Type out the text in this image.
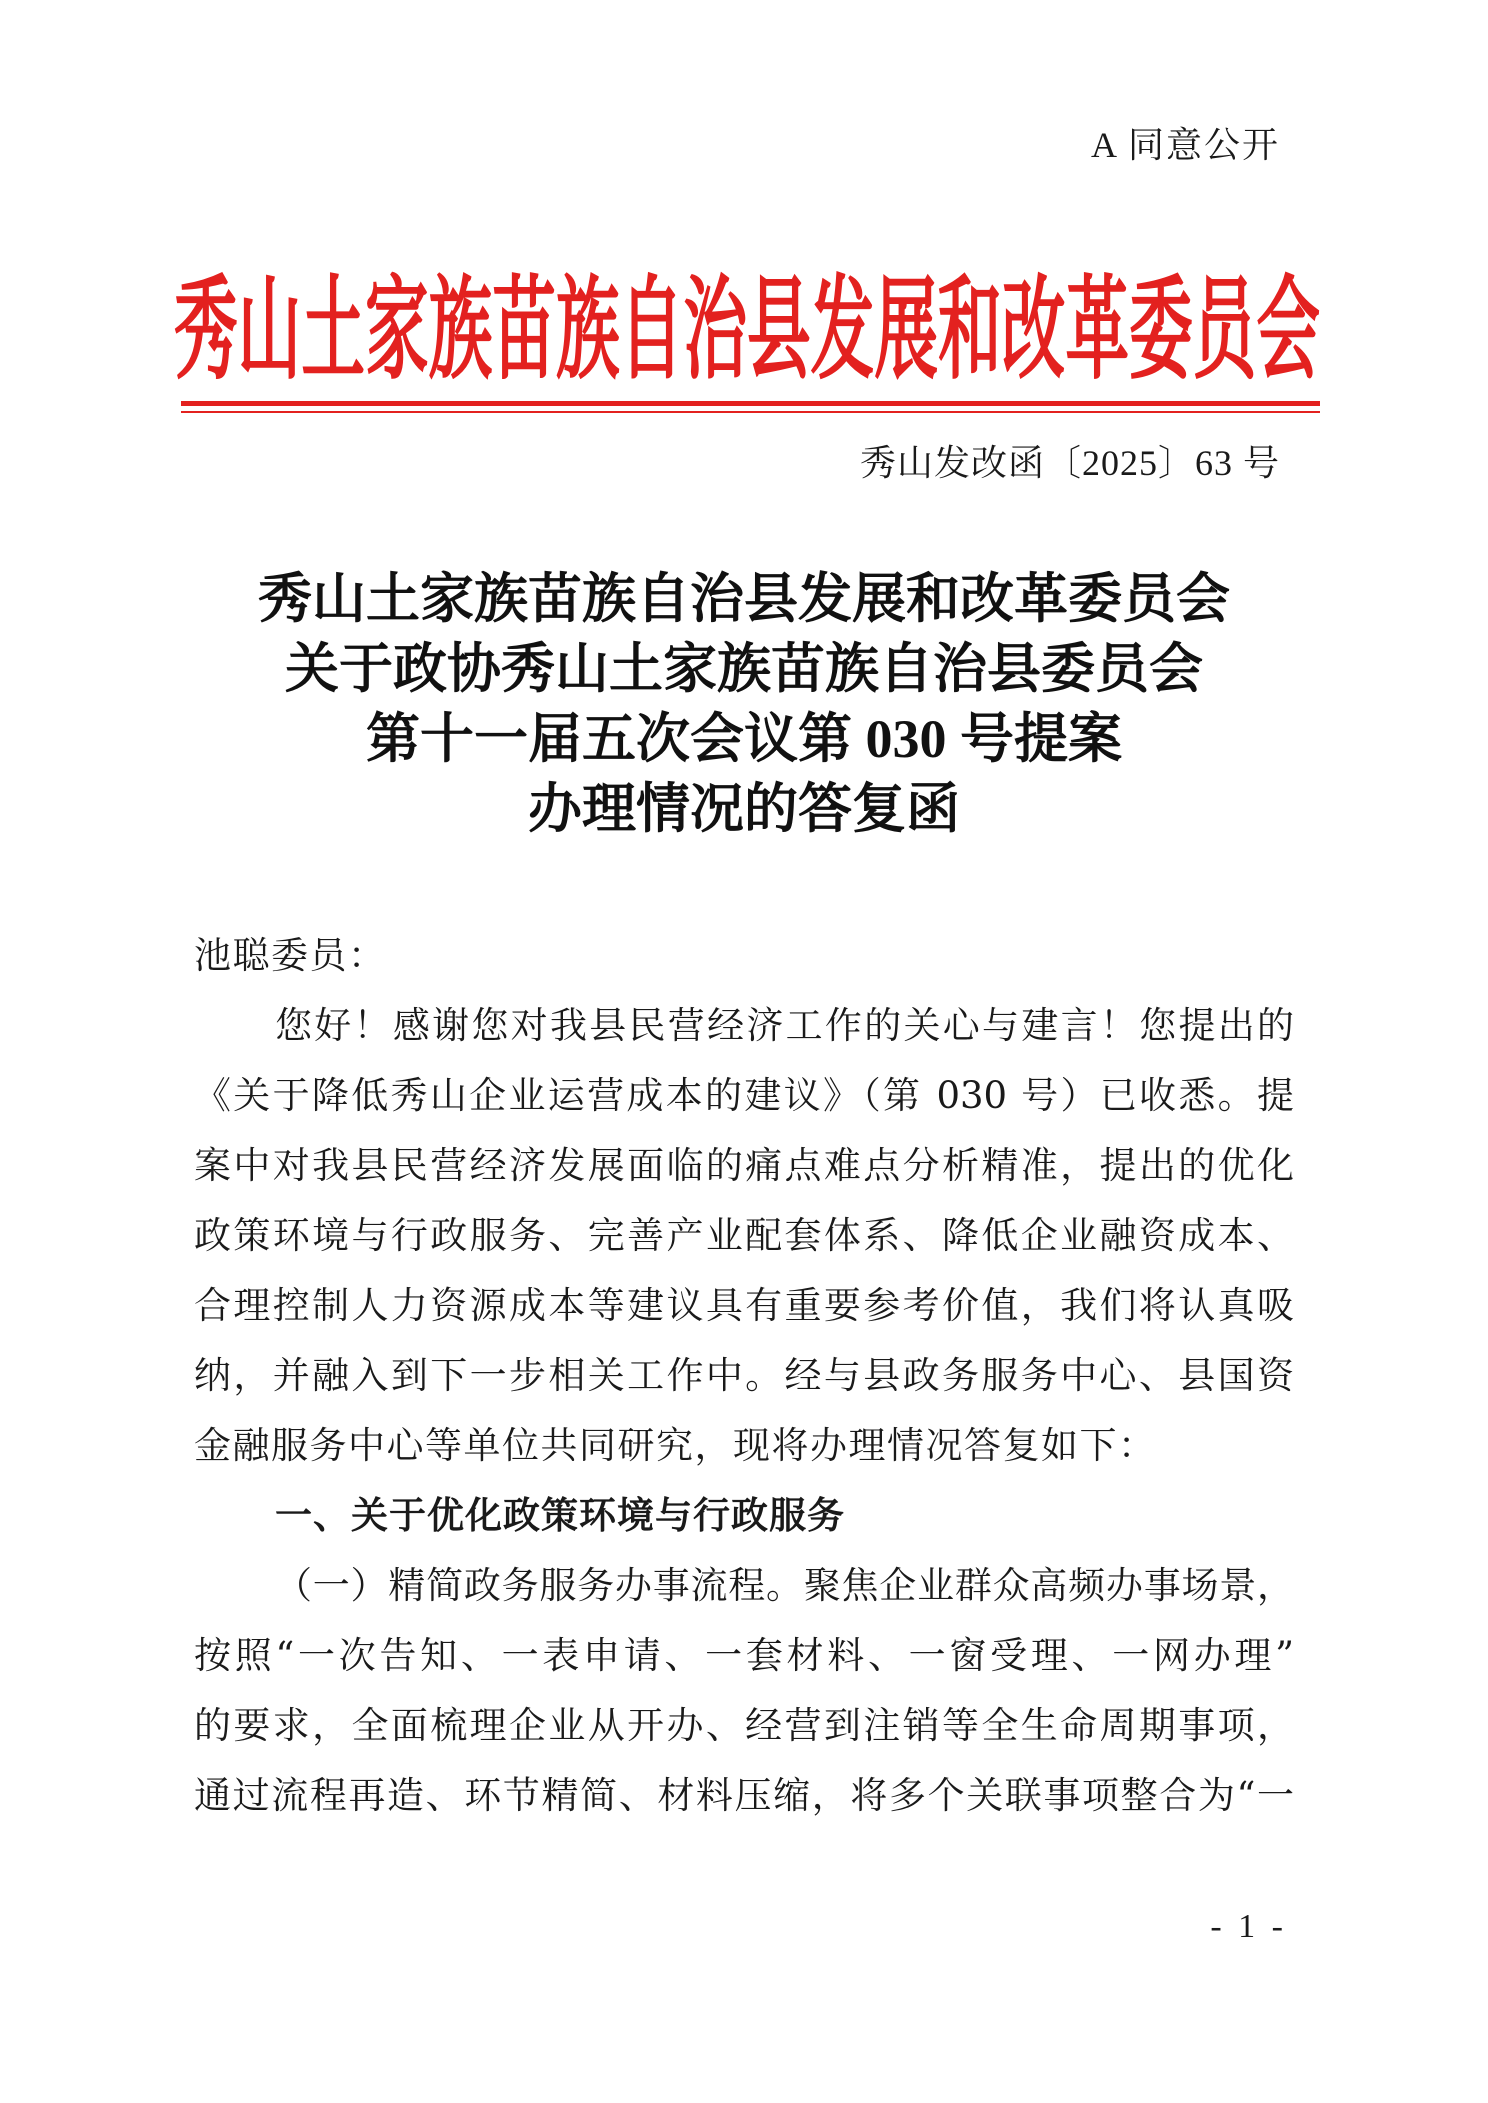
A 同意公开
秀山土家族苗族自治县发展和改革委员会
秀山发改函〔2025〕63 号
秀山土家族苗族自治县发展和改革委员会
关于政协秀山土家族苗族自治县委员会
第十一届五次会议第 030 号提案
办理情况的答复函
池聪委员：
您好！感谢您对我县民营经济工作的关心与建言！您提出的
《关于降低秀山企业运营成本的建议》（第 030 号）已收悉。提
案中对我县民营经济发展面临的痛点难点分析精准，提出的优化
政策环境与行政服务、完善产业配套体系、降低企业融资成本、
合理控制人力资源成本等建议具有重要参考价值，我们将认真吸
纳，并融入到下一步相关工作中。经与县政务服务中心、县国资
金融服务中心等单位共同研究，现将办理情况答复如下：
一、关于优化政策环境与行政服务
（一）精简政务服务办事流程。聚焦企业群众高频办事场景，
按照“一次告知、一表申请、一套材料、一窗受理、一网办理”
的要求，全面梳理企业从开办、经营到注销等全生命周期事项，
通过流程再造、环节精简、材料压缩，将多个关联事项整合为“一
- 1 -
